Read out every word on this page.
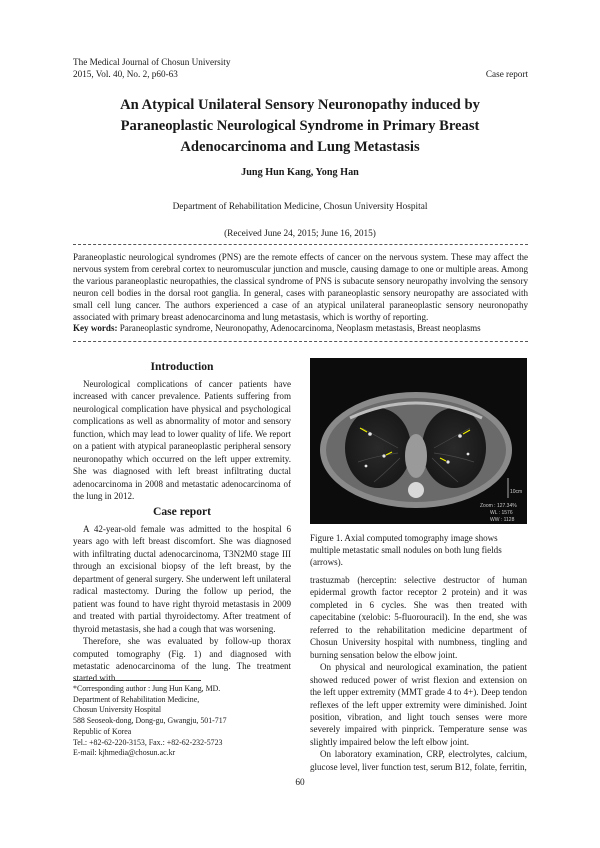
The Medical Journal of Chosun University
2015, Vol. 40, No. 2, p60-63	Case report
An Atypical Unilateral Sensory Neuronopathy induced by
Paraneoplastic Neurological Syndrome in Primary Breast
Adenocarcinoma and Lung Metastasis
Jung Hun Kang, Yong Han
Department of Rehabilitation Medicine, Chosun University Hospital
(Received June 24, 2015; June 16, 2015)
Paraneoplastic neurological syndromes (PNS) are the remote effects of cancer on the nervous system. These may affect the nervous system from cerebral cortex to neuromuscular junction and muscle, causing damage to one or multiple areas. Among the various paraneoplastic neuropathies, the classical syndrome of PNS is subacute sensory neuropathy involving the sensory neuron cell bodies in the dorsal root ganglia. In general, cases with paraneoplastic sensory neuropathy are associated with small cell lung cancer. The authors experienced a case of an atypical unilateral paraneoplastic sensory neuronopathy associated with primary breast adenocarcinoma and lung metastasis, which is worthy of reporting.
Key words: Paraneoplastic syndrome, Neuronopathy, Adenocarcinoma, Neoplasm metastasis, Breast neoplasms
Introduction

Neurological complications of cancer patients have increased with cancer prevalence. Patients suffering from neurological complication have physical and psychological complications as well as abnormality of motor and sensory function, which may lead to lower quality of life. We report on a patient with atypical paraneoplastic peripheral sensory neuronopathy which occurred on the left upper extremity. She was diagnosed with left breast infiltrating ductal adenocarcinoma in 2008 and metastatic adenocarcinoma of the lung in 2012.

Case report

A 42-year-old female was admitted to the hospital 6 years ago with left breast discomfort. She was diagnosed with infiltrating ductal adenocarcinoma, T3N2M0 stage III through an excisional biopsy of the left breast, by the department of general surgery. She underwent left unilateral radical mastectomy. During the follow up period, the patient was found to have right thyroid metastasis in 2009 and treated with partial thyroidectomy. After treatment of thyroid metastasis, she had a cough that was worsening.

Therefore, she was evaluated by follow-up thorax computed tomography (Fig. 1) and diagnosed with metastatic adenocarcinoma of the lung. The treatment started with

*Corresponding author : Jung Hun Kang, MD.
Department of Rehabilitation Medicine,
Chosun University Hospital
588 Seoseok-dong, Dong-gu, Gwangju, 501-717
Republic of Korea
Tel.: +82-62-220-3153, Fax.: +82-62-232-5723
E-mail: kjhmedia@chosun.ac.kr
10cm
Zoom : 127.34%
WL : 1576
WW : 1128
Figure 1. Axial computed tomography image shows multiple metastatic small nodules on both lung fields (arrows).

trastuzmab (herceptin: selective destructor of human epidermal growth factor receptor 2 protein) and it was completed in 6 cycles. She was then treated with capecitabine (xelobic: 5-fluorouracil). In the end, she was referred to the rehabilitation medicine department of Chosun University hospital with numbness, tingling and burning sensation below the elbow joint.

On physical and neurological examination, the patient showed reduced power of wrist flexion and extension on the left upper extremity (MMT grade 4 to 4+). Deep tendon reflexes of the left upper extremity were diminished. Joint position, vibration, and light touch senses were more severely impaired with pinprick. Temperature sense was slightly impaired below the left elbow joint.

On laboratory examination, CRP, electrolytes, calcium, glucose level, liver function test, serum B12, folate, ferritin,

60
